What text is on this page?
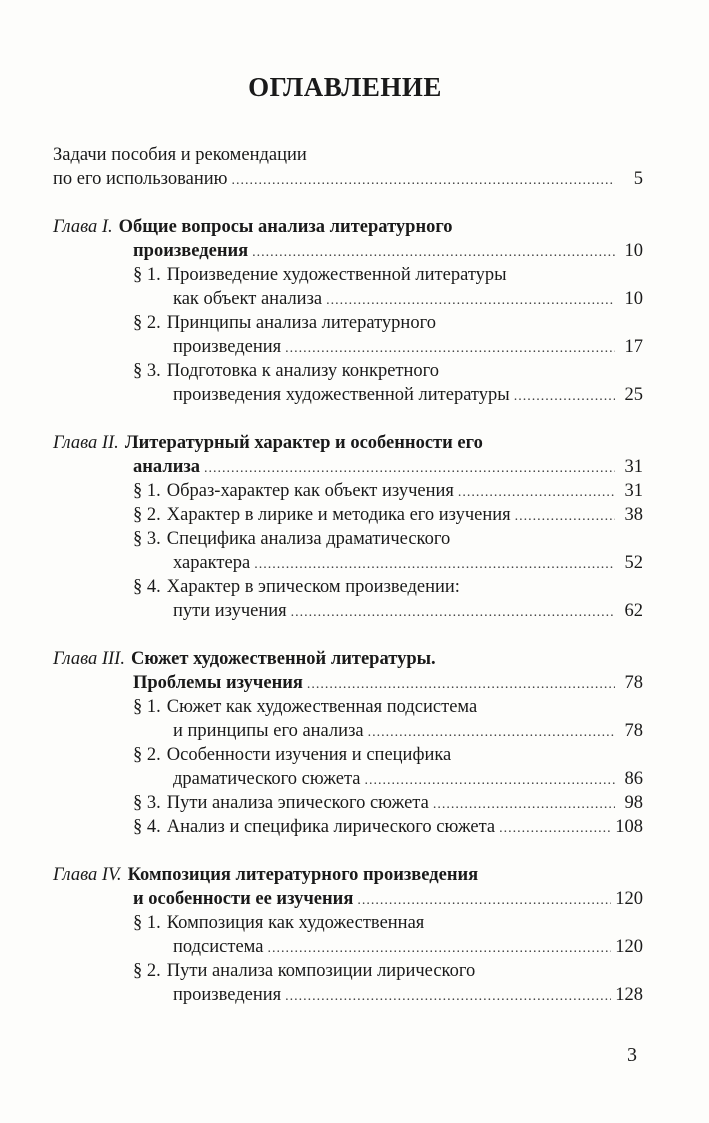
ОГЛАВЛЕНИЕ
Задачи пособия и рекомендации
по его использованию .....	5
Глава I. Общие вопросы анализа литературного
произведения .....	10
§ 1. Произведение художественной литературы
как объект анализа .....	10
§ 2. Принципы анализа литературного
произведения .....	17
§ 3. Подготовка к анализу конкретного
произведения художественной литературы .....	25
Глава II. Литературный характер и особенности его
анализа .....	31
§ 1. Образ-характер как объект изучения .....	31
§ 2. Характер в лирике и методика его изучения .....	38
§ 3. Специфика анализа драматического
характера .....	52
§ 4. Характер в эпическом произведении:
пути изучения .....	62
Глава III. Сюжет художественной литературы.
Проблемы изучения .....	78
§ 1. Сюжет как художественная подсистема
и принципы его анализа .....	78
§ 2. Особенности изучения и специфика
драматического сюжета .....	86
§ 3. Пути анализа эпического сюжета .....	98
§ 4. Анализ и специфика лирического сюжета .....	108
Глава IV. Композиция литературного произведения
и особенности ее изучения .....	120
§ 1. Композиция как художественная
подсистема .....	120
§ 2. Пути анализа композиции лирического
произведения .....	128
3
